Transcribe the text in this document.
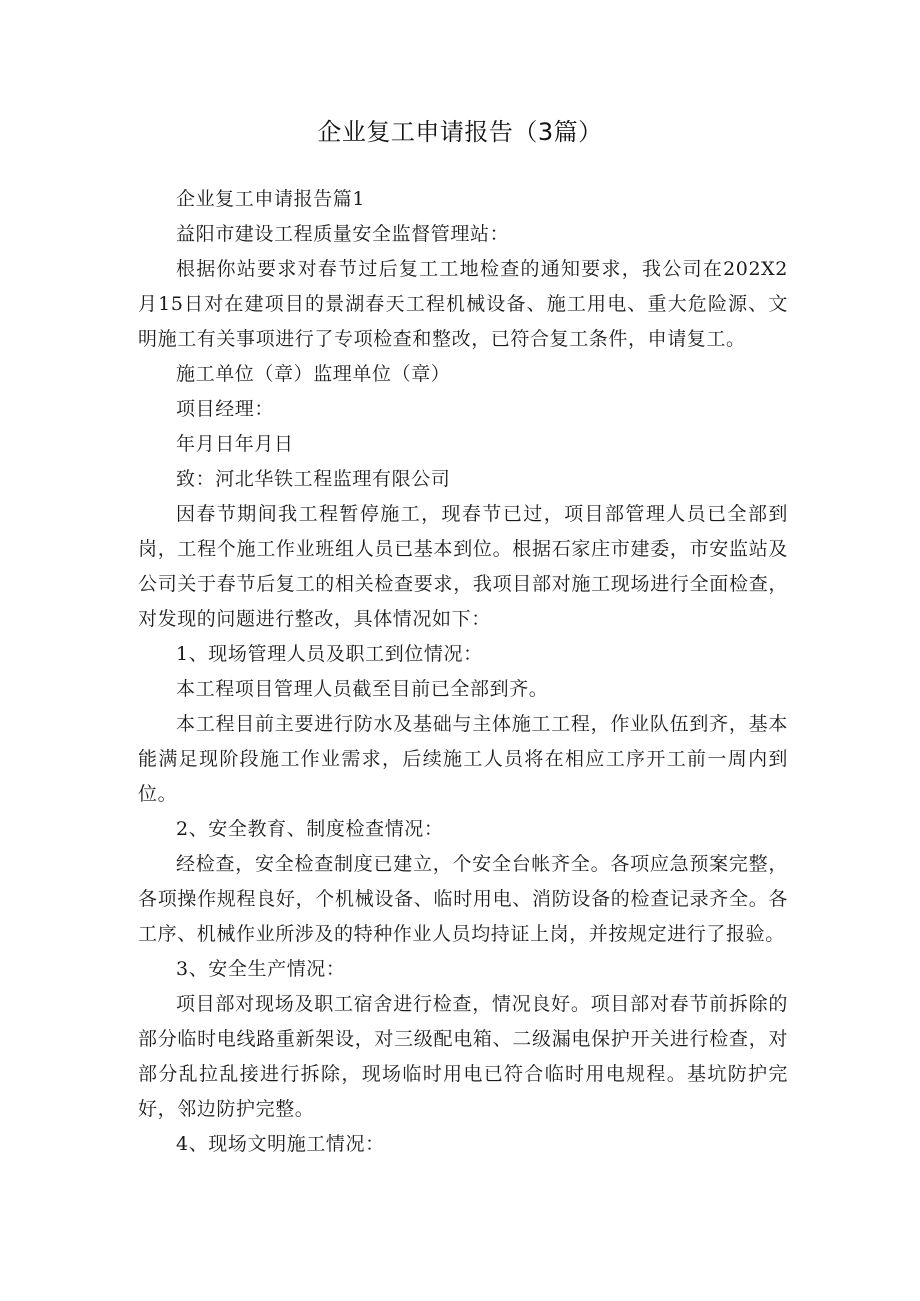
企业复工申请报告（3篇）

企业复工申请报告篇1

益阳市建设工程质量安全监督管理站：

根据你站要求对春节过后复工工地检查的通知要求，我公司在202X2月15日对在建项目的景湖春天工程机械设备、施工用电、重大危险源、文明施工有关事项进行了专项检查和整改，已符合复工条件，申请复工。

施工单位（章）监理单位（章）

项目经理：

年月日年月日

致：河北华铁工程监理有限公司

因春节期间我工程暂停施工，现春节已过，项目部管理人员已全部到岗，工程个施工作业班组人员已基本到位。根据石家庄市建委，市安监站及公司关于春节后复工的相关检查要求，我项目部对施工现场进行全面检查，对发现的问题进行整改，具体情况如下：

1、现场管理人员及职工到位情况：

本工程项目管理人员截至目前已全部到齐。

本工程目前主要进行防水及基础与主体施工工程，作业队伍到齐，基本能满足现阶段施工作业需求，后续施工人员将在相应工序开工前一周内到位。

2、安全教育、制度检查情况：

经检查，安全检查制度已建立，个安全台帐齐全。各项应急预案完整，各项操作规程良好，个机械设备、临时用电、消防设备的检查记录齐全。各工序、机械作业所涉及的特种作业人员均持证上岗，并按规定进行了报验。

3、安全生产情况：

项目部对现场及职工宿舍进行检查，情况良好。项目部对春节前拆除的部分临时电线路重新架设，对三级配电箱、二级漏电保护开关进行检查，对部分乱拉乱接进行拆除，现场临时用电已符合临时用电规程。基坑防护完好，邻边防护完整。

4、现场文明施工情况：
